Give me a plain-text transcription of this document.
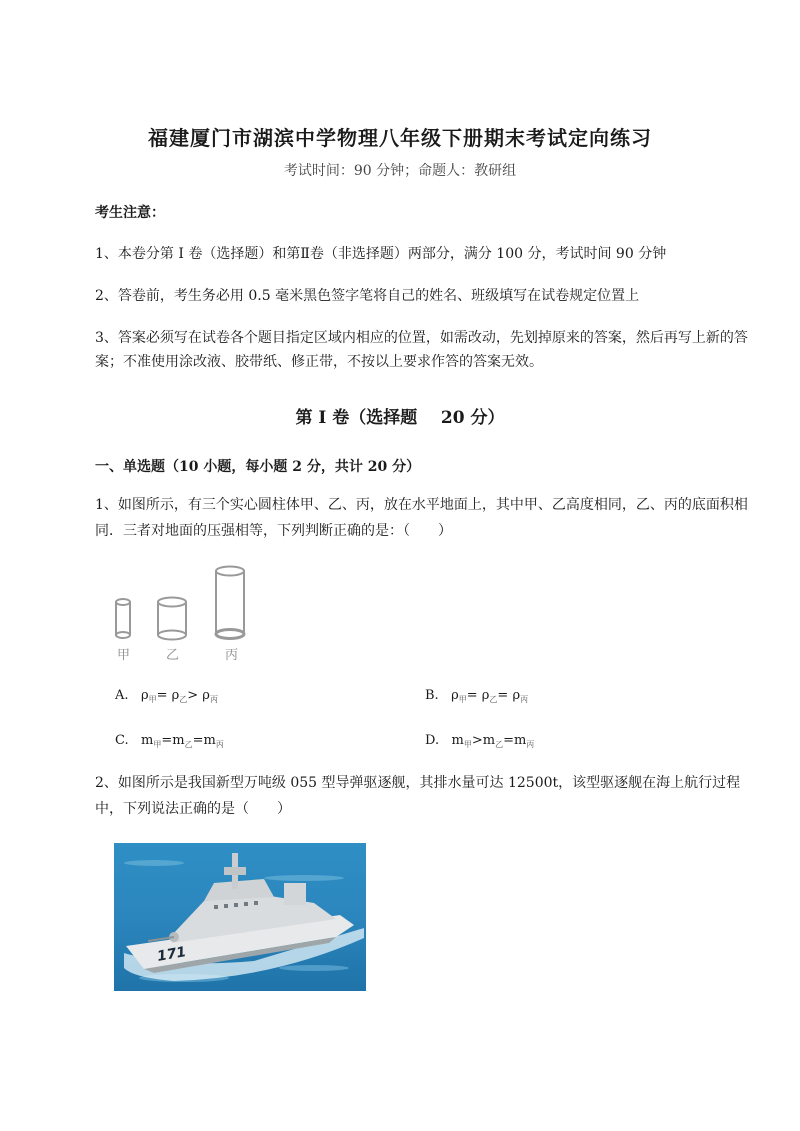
福建厦门市湖滨中学物理八年级下册期末考试定向练习
考试时间：90 分钟；命题人：教研组
考生注意：
1、本卷分第 I 卷（选择题）和第Ⅱ卷（非选择题）两部分，满分 100 分，考试时间 90 分钟
2、答卷前，考生务必用 0.5 毫米黑色签字笔将自己的姓名、班级填写在试卷规定位置上
3、答案必须写在试卷各个题目指定区域内相应的位置，如需改动，先划掉原来的答案，然后再写上新的答案；不准使用涂改液、胶带纸、修正带，不按以上要求作答的答案无效。
第 I 卷（选择题    20 分）
一、单选题（10 小题，每小题 2 分，共计 20 分）
1、如图所示，有三个实心圆柱体甲、乙、丙，放在水平地面上，其中甲、乙高度相同，乙、丙的底面积相同．三者对地面的压强相等，下列判断正确的是：（　　）
甲	乙	丙
A. $\rho_甲= \rho_乙> \rho_丙$	B. $\rho_甲= \rho_乙= \rho_丙$
C. $m_甲=m_乙=m_丙$	D. $m_甲>m_乙=m_丙$
2、如图所示是我国新型万吨级 055 型导弹驱逐舰，其排水量可达 12500t，该型驱逐舰在海上航行过程中，下列说法正确的是（　　）
171
